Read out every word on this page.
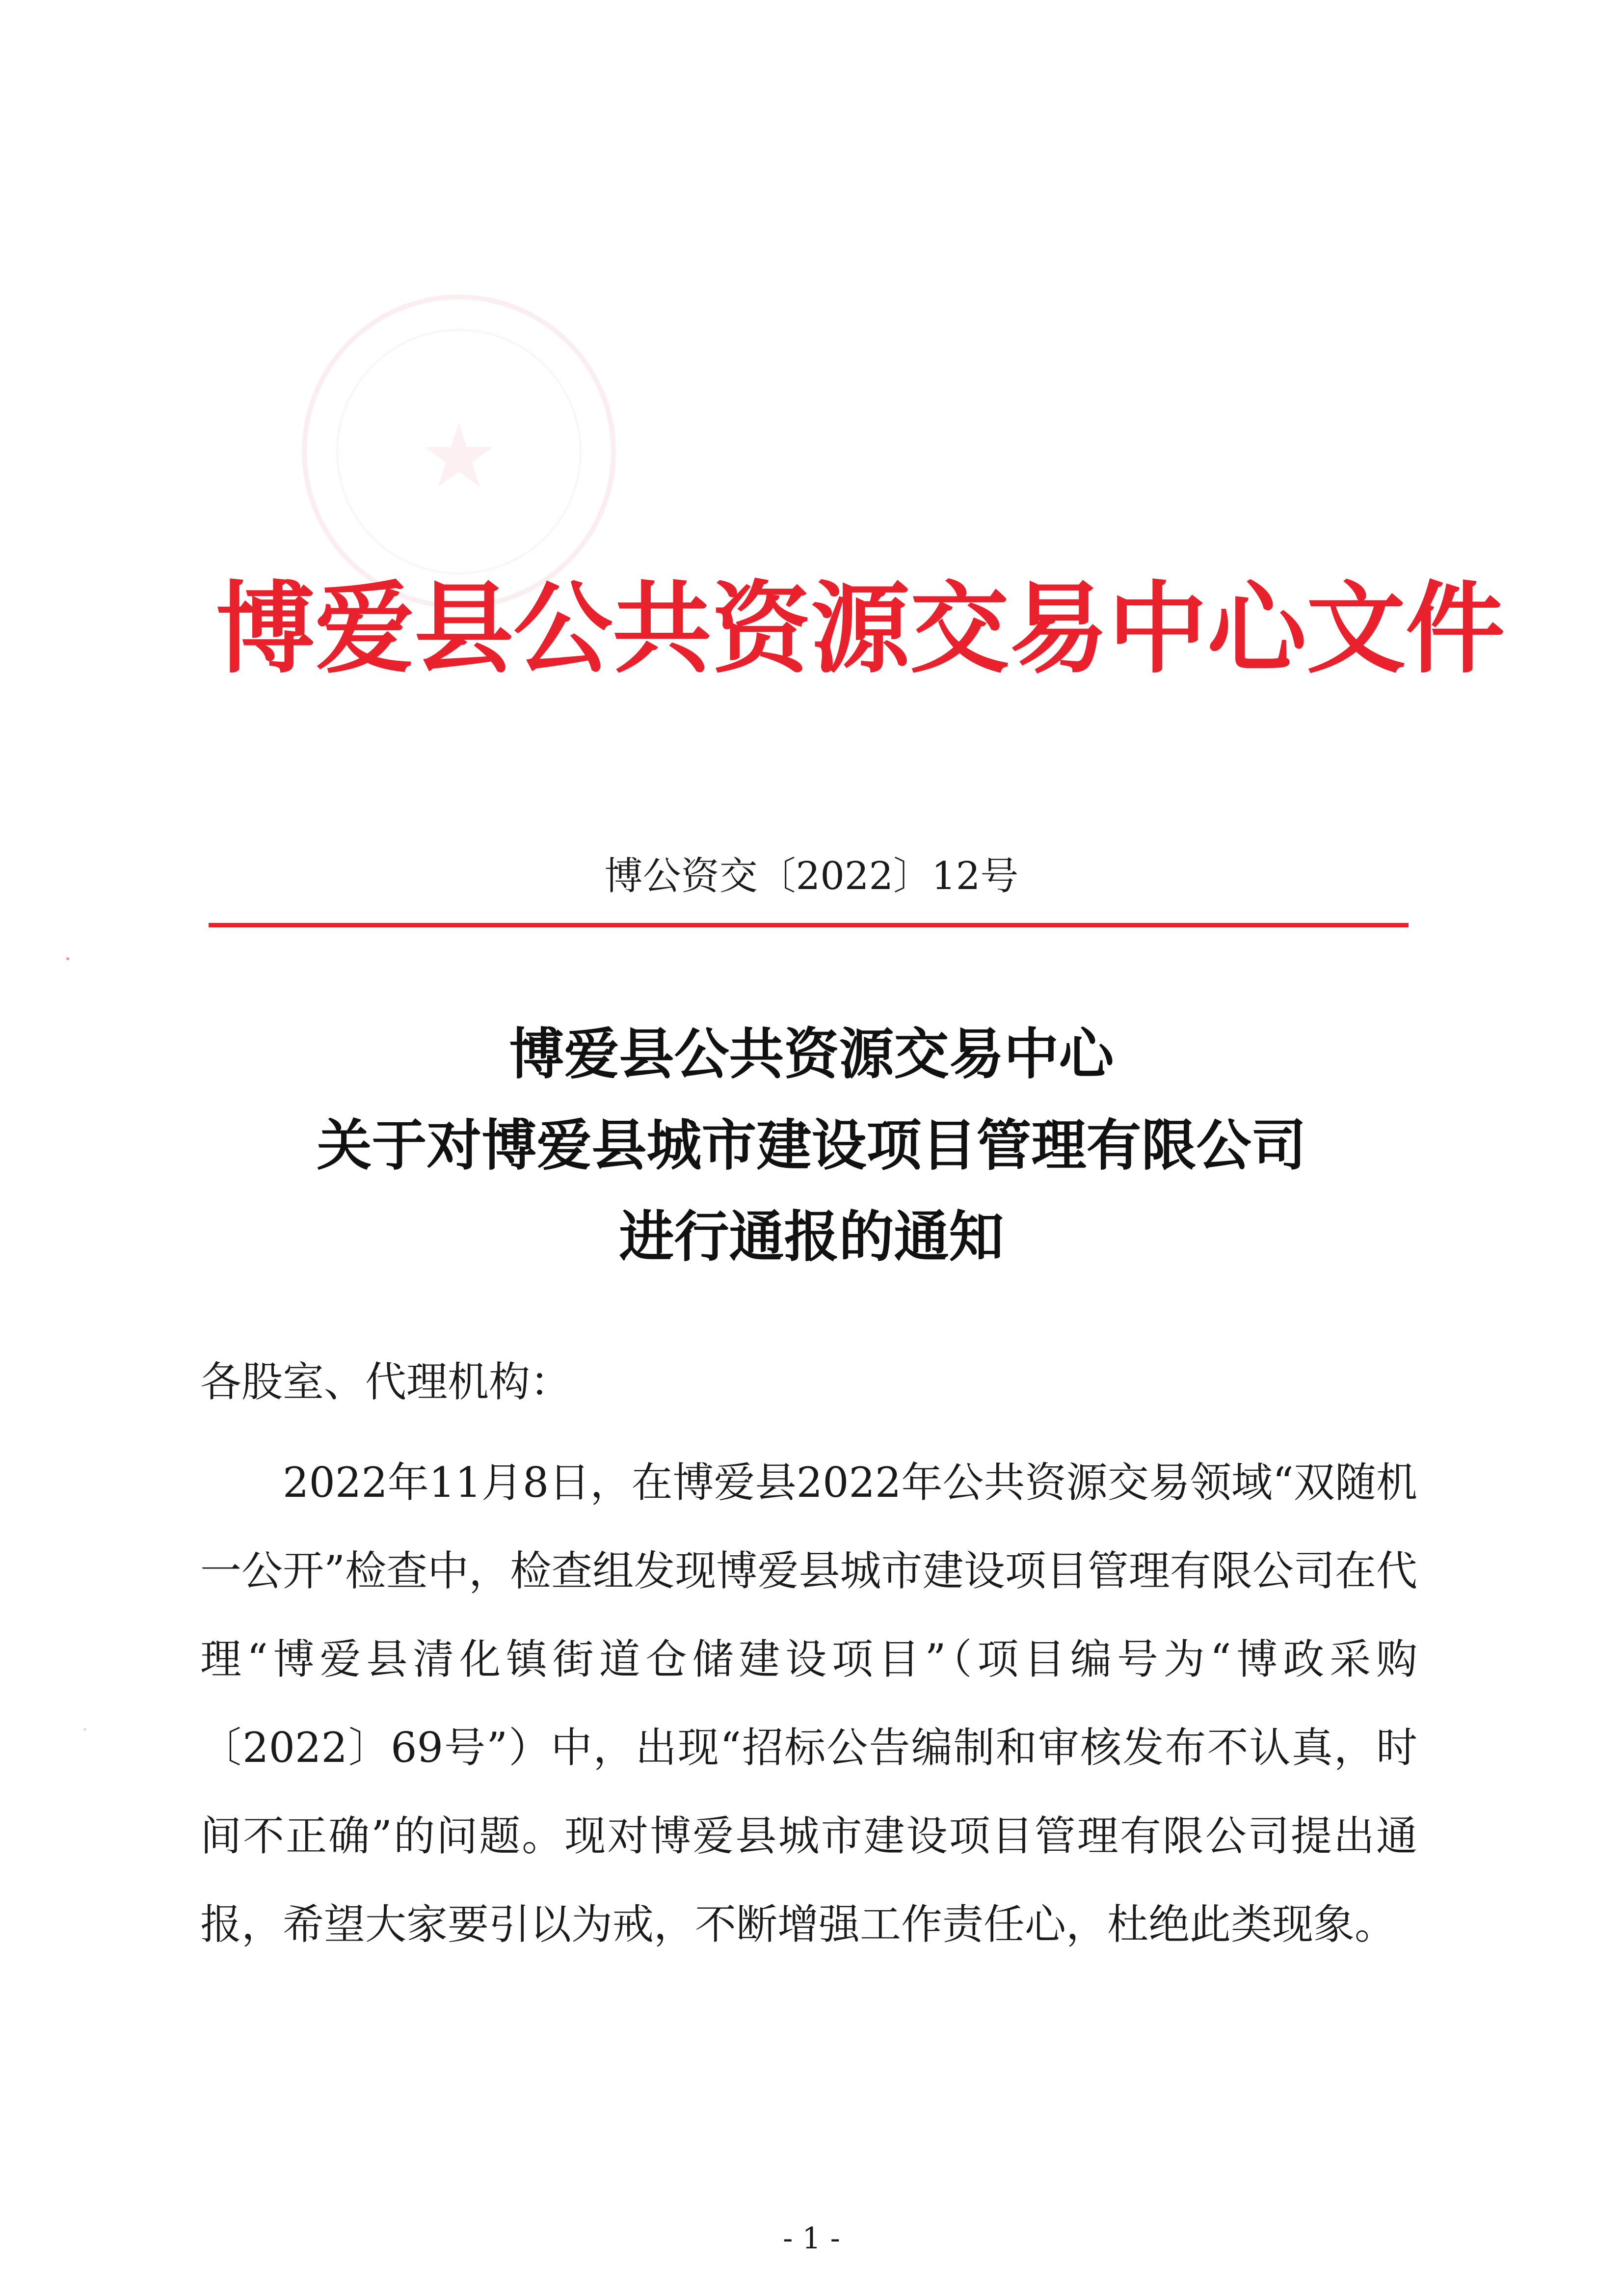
★
博爱县公共资源交易中心文件
博公资交〔2022〕12号
博爱县公共资源交易中心
关于对博爱县城市建设项目管理有限公司
进行通报的通知
各股室、代理机构：
2022年11月8日，在博爱县2022年公共资源交易领域“双随机一公开”检查中，检查组发现博爱县城市建设项目管理有限公司在代理“博爱县清化镇街道仓储建设项目”（项目编号为“博政采购〔2022〕69号”）中，出现“招标公告编制和审核发布不认真，时间不正确”的问题。现对博爱县城市建设项目管理有限公司提出通报，希望大家要引以为戒，不断增强工作责任心，杜绝此类现象。
- 1 -
